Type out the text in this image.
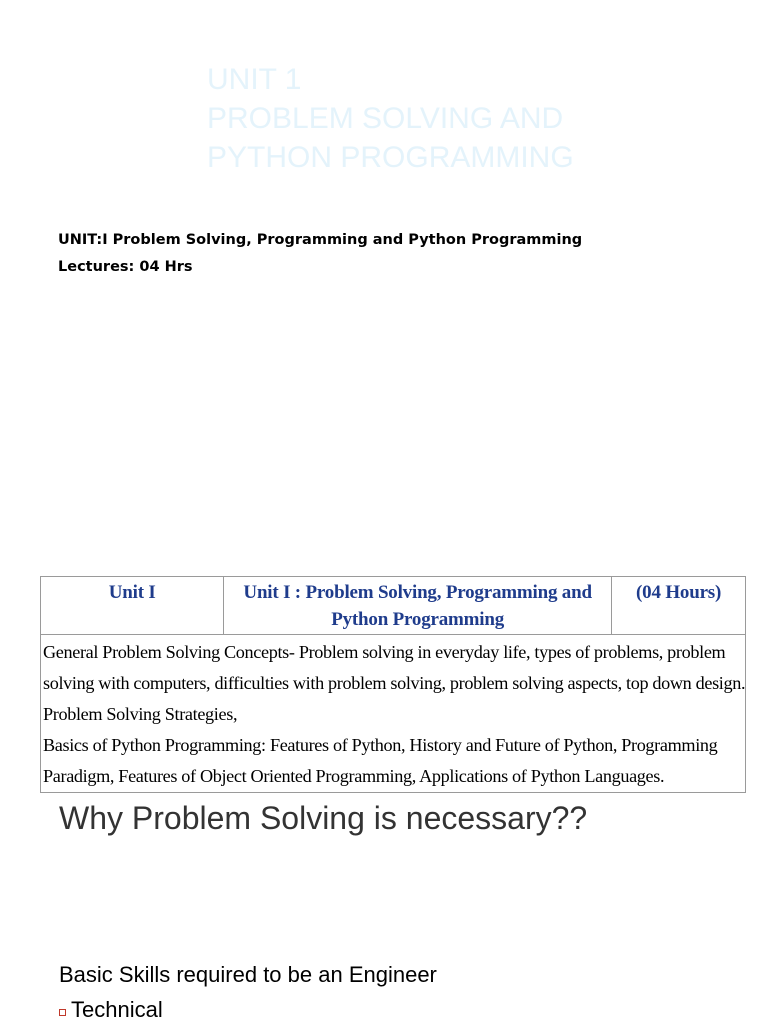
UNIT 1
PROBLEM SOLVING AND
PYTHON PROGRAMMING
UNIT:I Problem Solving, Programming and Python Programming
Lectures: 04 Hrs
Unit I	Unit I : Problem Solving, Programming and Python Programming	(04 Hours)

General Problem Solving Concepts- Problem solving in everyday life, types of problems, problem
solving with computers, difficulties with problem solving, problem solving aspects, top down design.
Problem Solving Strategies,
Basics of Python Programming: Features of Python, History and Future of Python, Programming
Paradigm, Features of Object Oriented Programming, Applications of Python Languages.
Why Problem Solving is necessary??
Basic Skills required to be an Engineer
Technical
